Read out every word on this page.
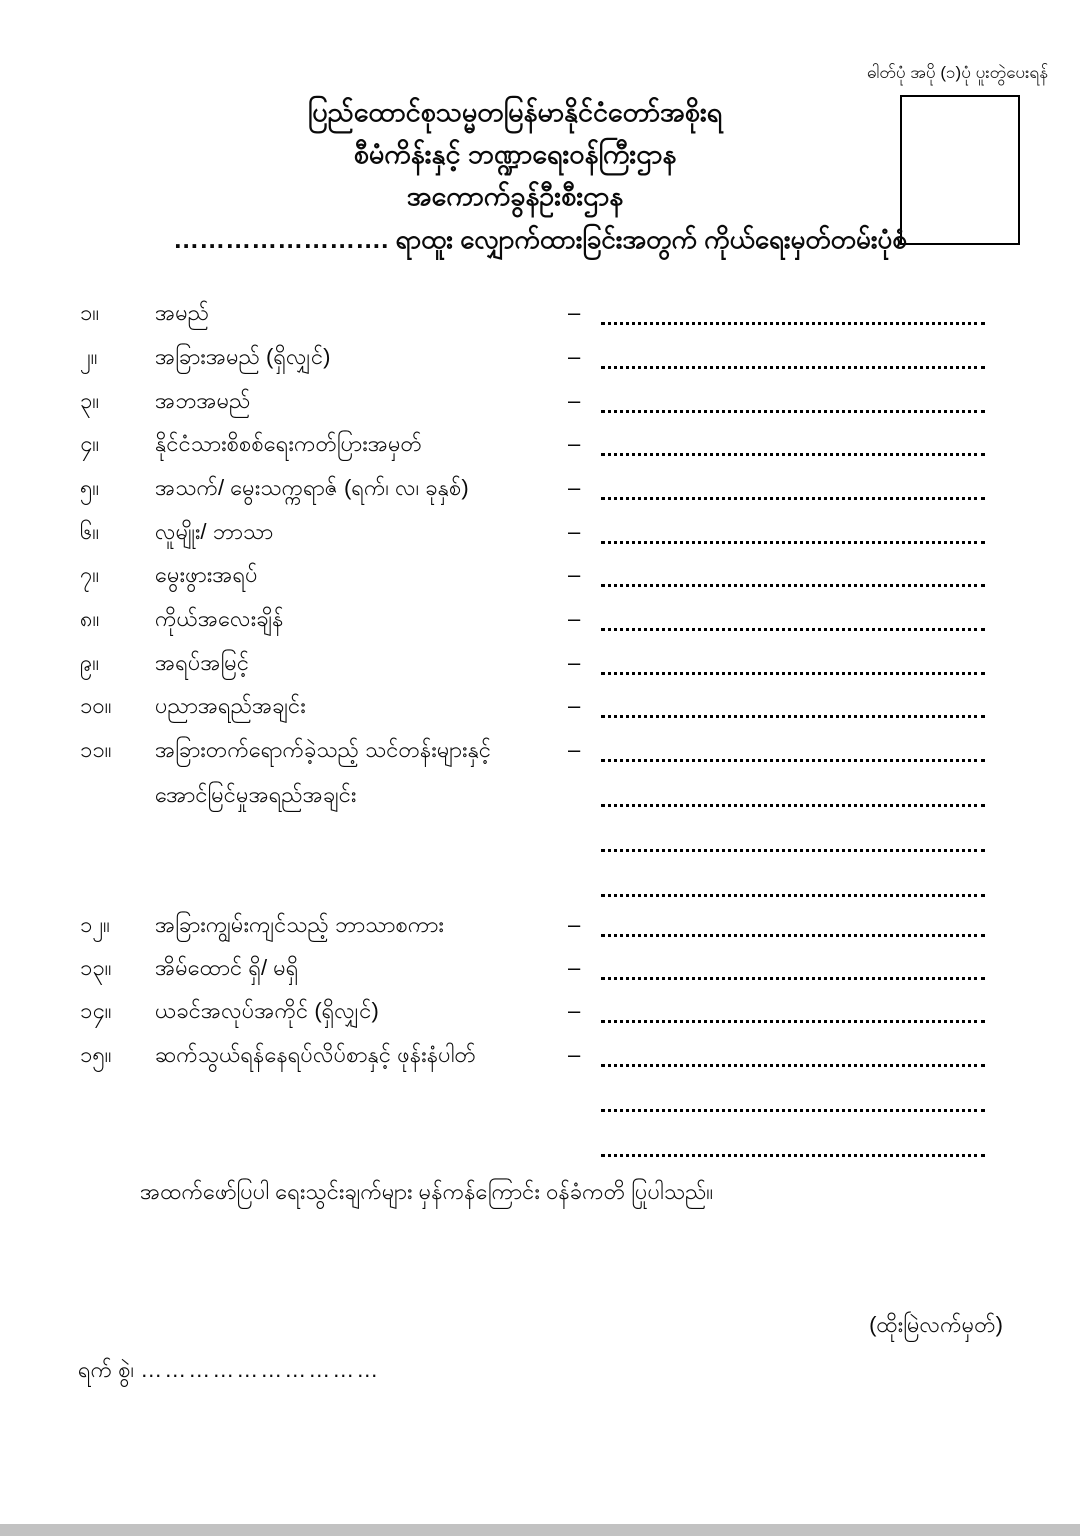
ဓါတ်ပုံ အပို (၁)ပုံ ပူးတွဲပေးရန်
ပြည်ထောင်စုသမ္မတမြန်မာနိုင်ငံတော်အစိုးရ
စီမံကိန်းနှင့် ဘဏ္ဍာရေးဝန်ကြီးဌာန
အကောက်ခွန်ဦးစီးဌာန
……………………. ရာထူး လျှောက်ထားခြင်းအတွက် ကိုယ်ရေးမှတ်တမ်းပုံစံ
၁။	အမည်	–
၂။	အခြားအမည် (ရှိလျှင်)	–
၃။	အဘအမည်	–
၄။	နိုင်ငံသားစိစစ်ရေးကတ်ပြားအမှတ်	–
၅။	အသက်/ မွေးသက္ကရာဇ် (ရက်၊ လ၊ ခုနှစ်)	–
၆။	လူမျိုး/ ဘာသာ	–
၇။	မွေးဖွားအရပ်	–
၈။	ကိုယ်အလေးချိန်	–
၉။	အရပ်အမြင့်	–
၁၀။ ပညာအရည်အချင်း	–
၁၁။ အခြားတက်ရောက်ခဲ့သည့် သင်တန်းများနှင့်	–
အောင်မြင်မှုအရည်အချင်း
၁၂။ အခြားကျွမ်းကျင်သည့် ဘာသာစကား	–
၁၃။ အိမ်ထောင် ရှိ/ မရှိ	–
၁၄။ ယခင်အလုပ်အကိုင် (ရှိလျှင်)	–
၁၅။ ဆက်သွယ်ရန်နေရပ်လိပ်စာနှင့် ဖုန်းနံပါတ်	–
အထက်ဖော်ပြပါ ရေးသွင်းချက်များ မှန်ကန်ကြောင်း ဝန်ခံကတိ ပြုပါသည်။
(ထိုးမြဲလက်မှတ်)
ရက် စွဲ၊ …………………………
